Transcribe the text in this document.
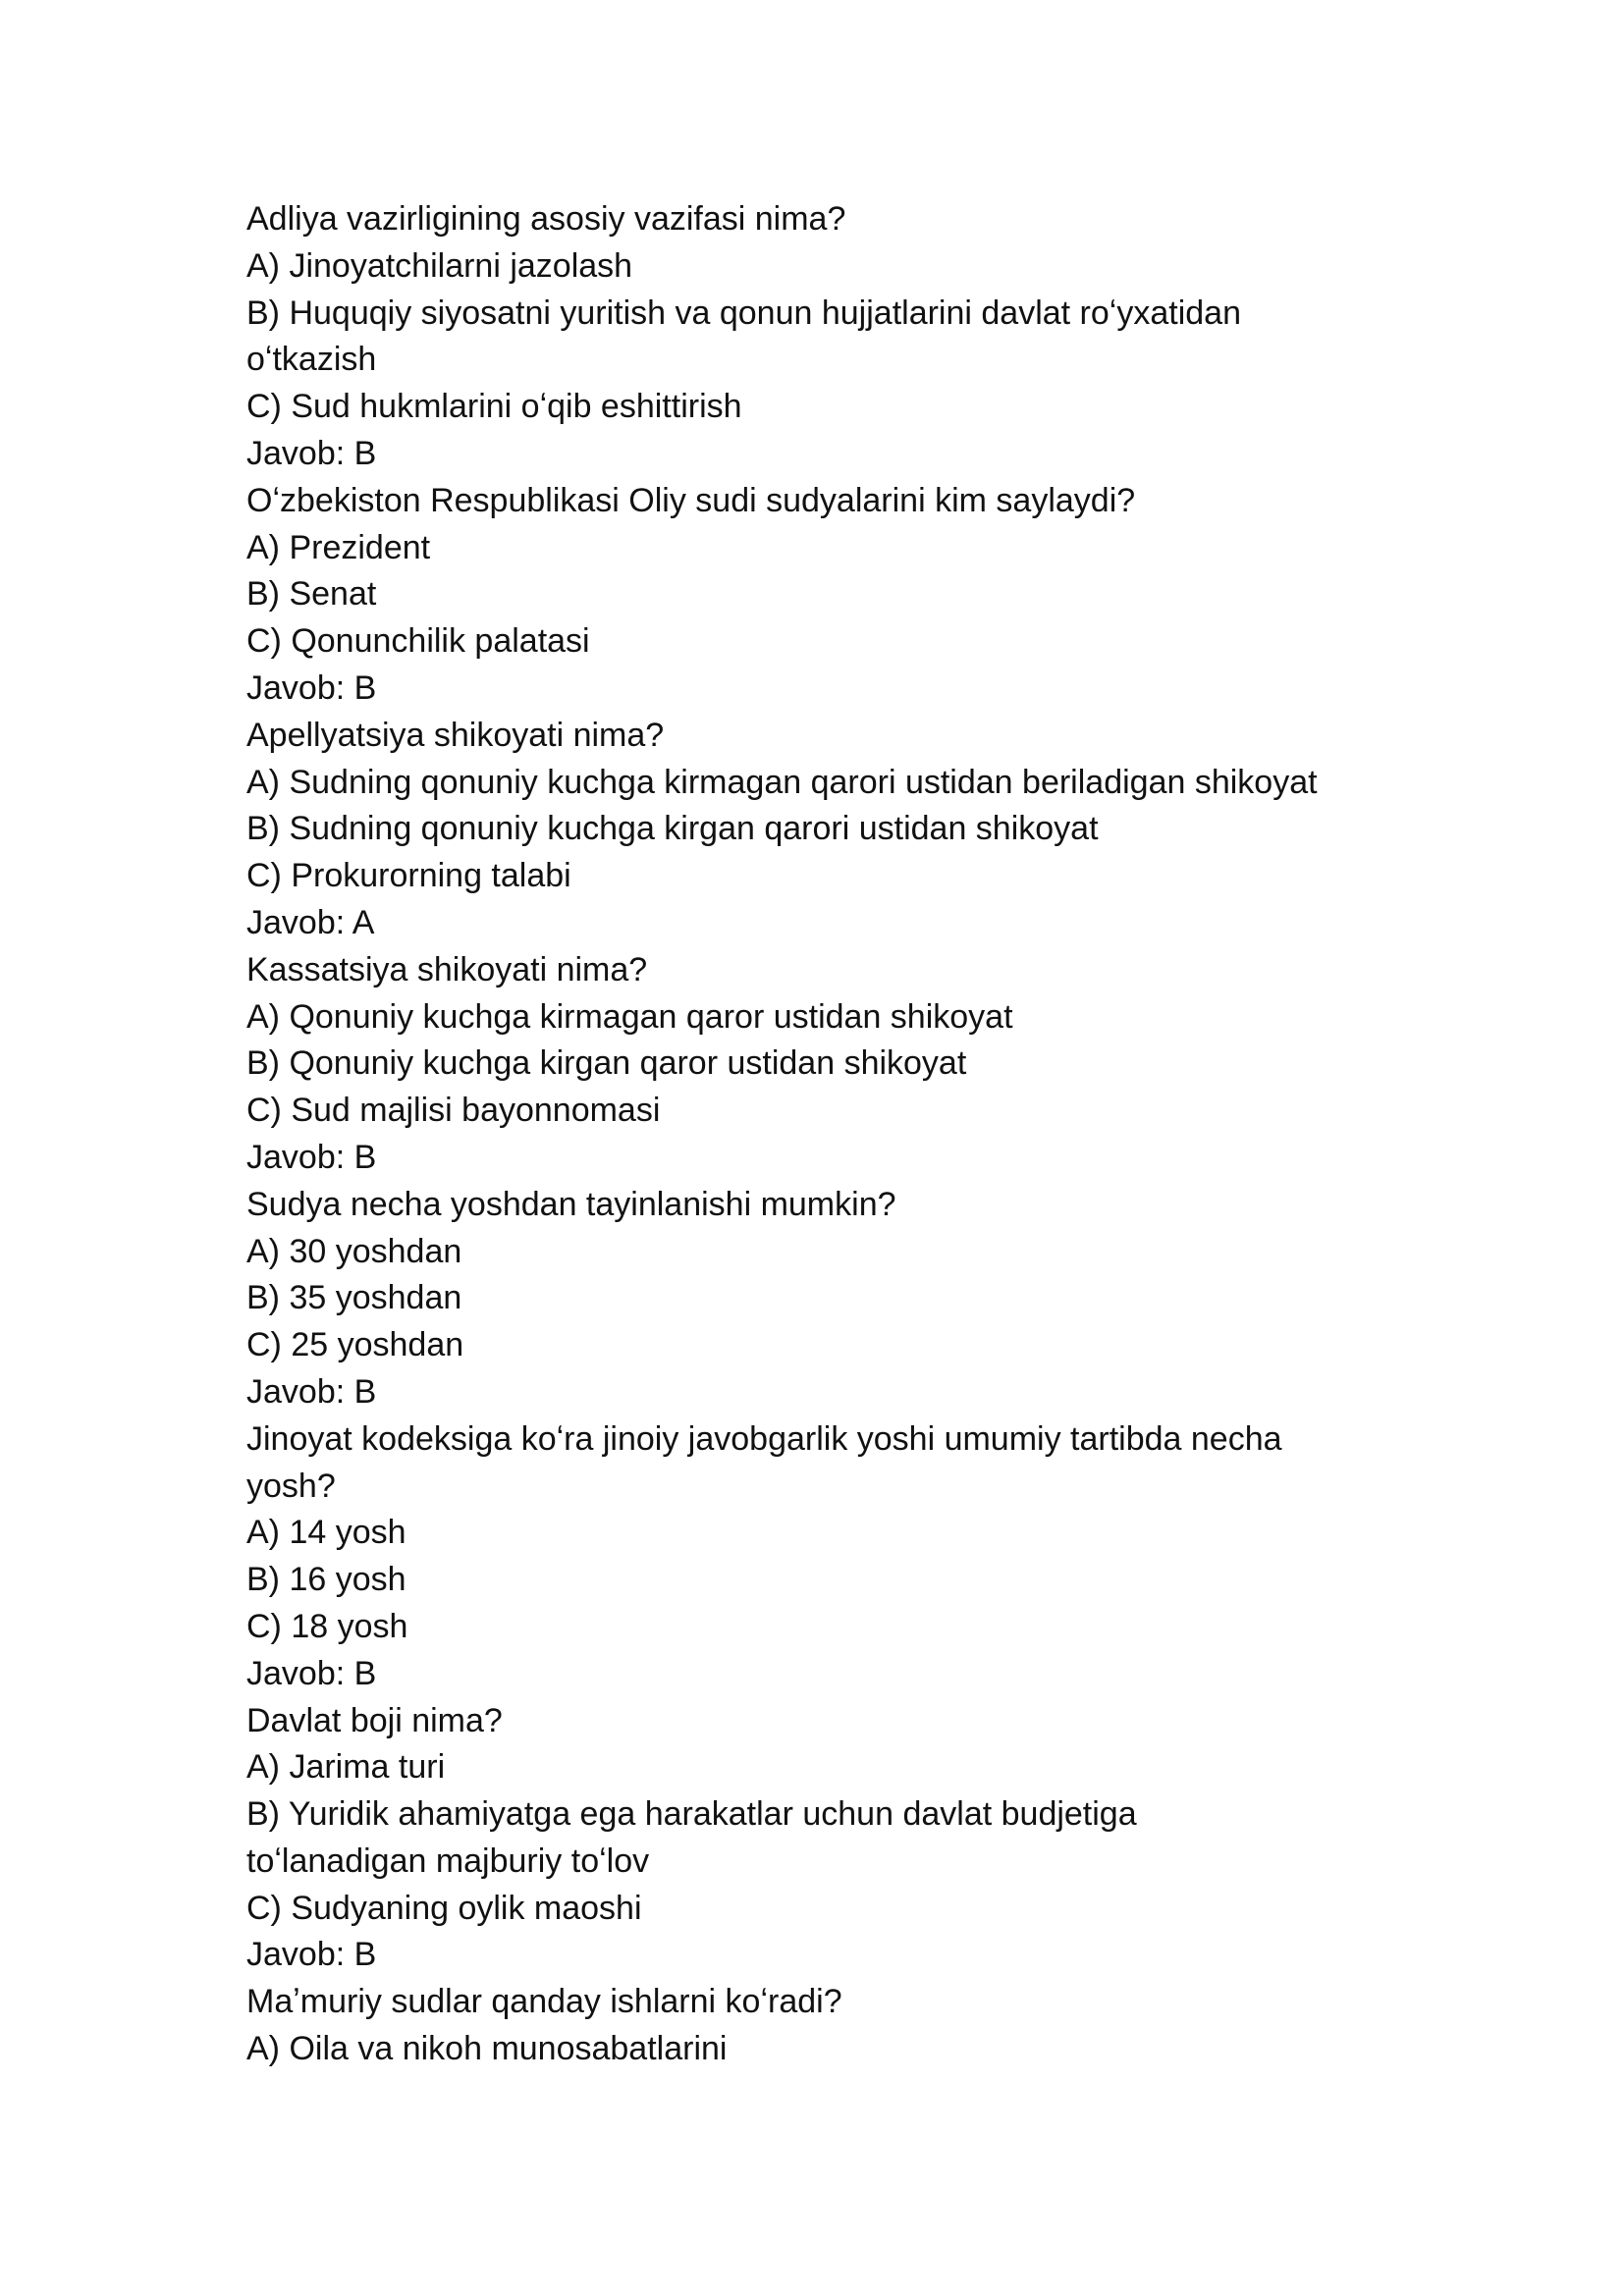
Adliya vazirligining asosiy vazifasi nima?
A) Jinoyatchilarni jazolash
B) Huquqiy siyosatni yuritish va qonun hujjatlarini davlat roʻyxatidan
oʻtkazish
C) Sud hukmlarini oʻqib eshittirish
Javob: B
Oʻzbekiston Respublikasi Oliy sudi sudyalarini kim saylaydi?
A) Prezident
B) Senat
C) Qonunchilik palatasi
Javob: B
Apellyatsiya shikoyati nima?
A) Sudning qonuniy kuchga kirmagan qarori ustidan beriladigan shikoyat
B) Sudning qonuniy kuchga kirgan qarori ustidan shikoyat
C) Prokurorning talabi
Javob: A
Kassatsiya shikoyati nima?
A) Qonuniy kuchga kirmagan qaror ustidan shikoyat
B) Qonuniy kuchga kirgan qaror ustidan shikoyat
C) Sud majlisi bayonnomasi
Javob: B
Sudya necha yoshdan tayinlanishi mumkin?
A) 30 yoshdan
B) 35 yoshdan
C) 25 yoshdan
Javob: B
Jinoyat kodeksiga koʻra jinoiy javobgarlik yoshi umumiy tartibda necha
yosh?
A) 14 yosh
B) 16 yosh
C) 18 yosh
Javob: B
Davlat boji nima?
A) Jarima turi
B) Yuridik ahamiyatga ega harakatlar uchun davlat budjetiga
toʻlanadigan majburiy toʻlov
C) Sudyaning oylik maoshi
Javob: B
Maʼmuriy sudlar qanday ishlarni koʻradi?
A) Oila va nikoh munosabatlarini
